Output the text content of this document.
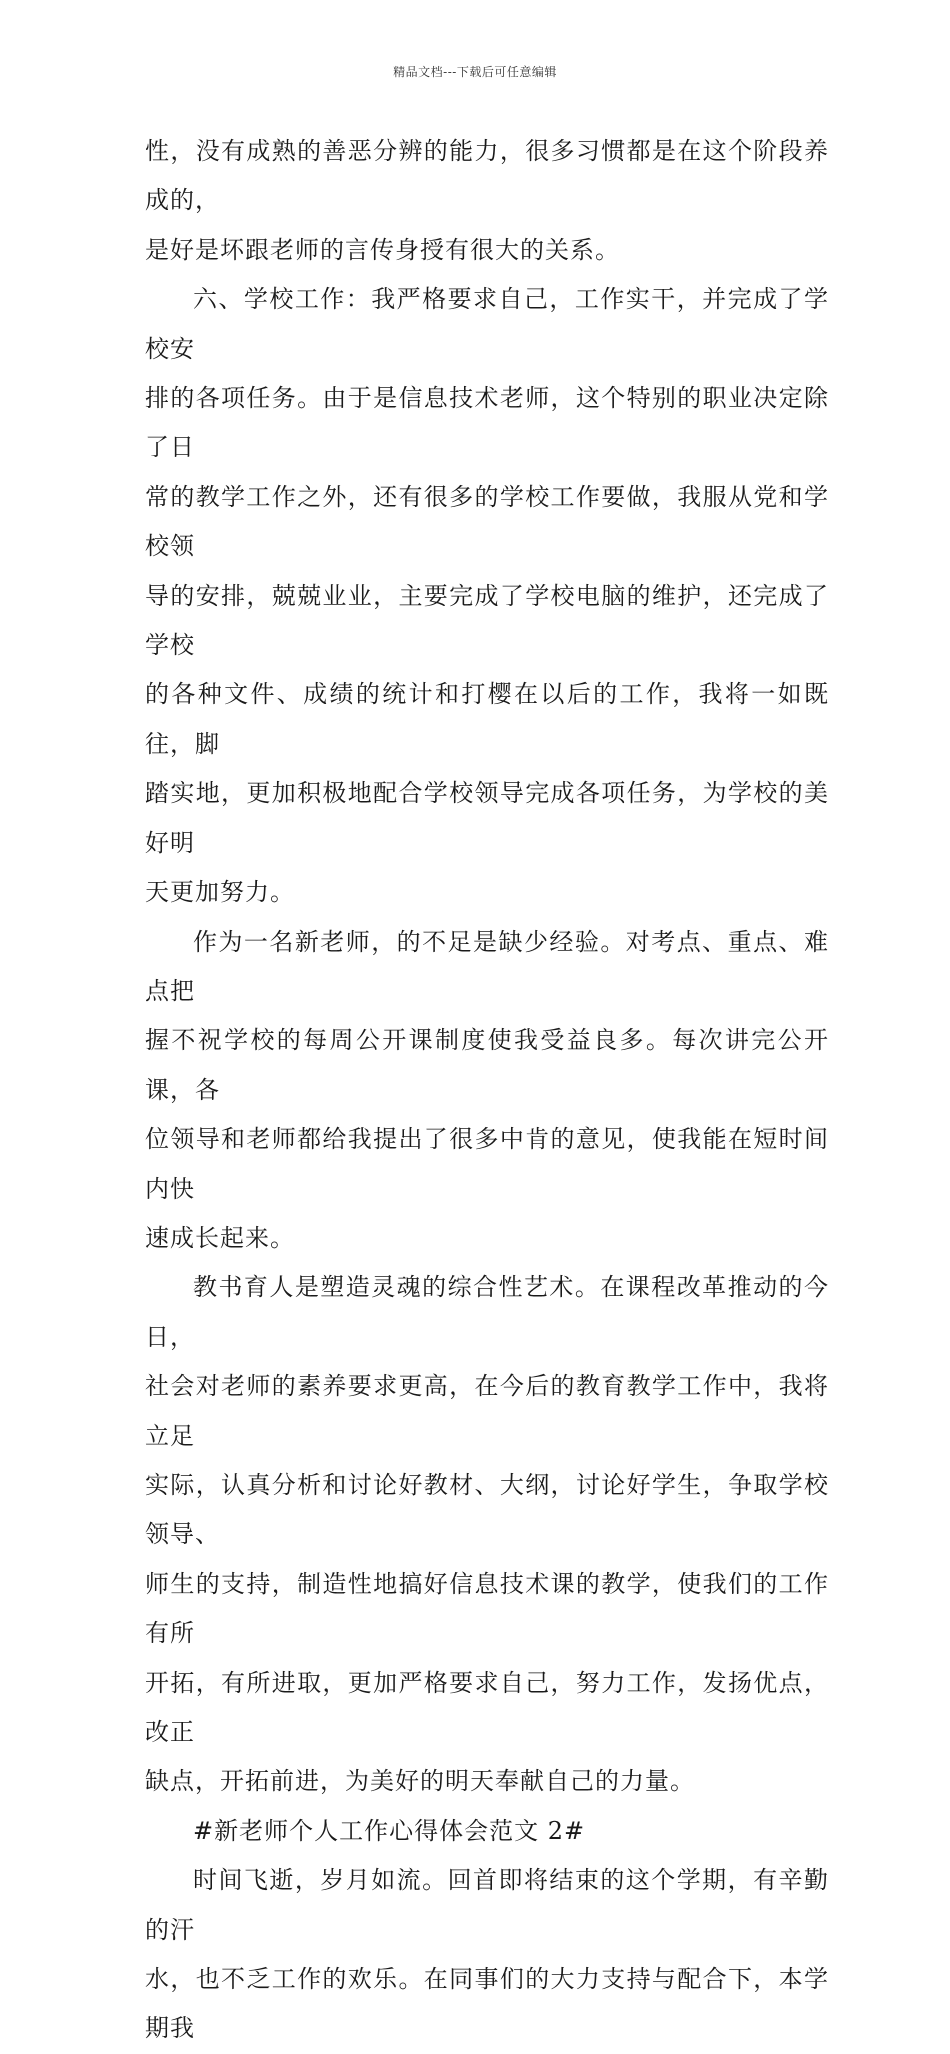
精品文档---下载后可任意编辑
性，没有成熟的善恶分辨的能力，很多习惯都是在这个阶段养成的，
是好是坏跟老师的言传身授有很大的关系。
六、学校工作：我严格要求自己，工作实干，并完成了学校安
排的各项任务。由于是信息技术老师，这个特别的职业决定除了日
常的教学工作之外，还有很多的学校工作要做，我服从党和学校领
导的安排，兢兢业业，主要完成了学校电脑的维护，还完成了学校
的各种文件、成绩的统计和打樱在以后的工作，我将一如既往，脚
踏实地，更加积极地配合学校领导完成各项任务，为学校的美好明
天更加努力。
作为一名新老师，的不足是缺少经验。对考点、重点、难点把
握不祝学校的每周公开课制度使我受益良多。每次讲完公开课，各
位领导和老师都给我提出了很多中肯的意见，使我能在短时间内快
速成长起来。
教书育人是塑造灵魂的综合性艺术。在课程改革推动的今日，
社会对老师的素养要求更高，在今后的教育教学工作中，我将立足
实际，认真分析和讨论好教材、大纲，讨论好学生，争取学校领导、
师生的支持，制造性地搞好信息技术课的教学，使我们的工作有所
开拓，有所进取，更加严格要求自己，努力工作，发扬优点，改正
缺点，开拓前进，为美好的明天奉献自己的力量。
#新老师个人工作心得体会范文 2#
时间飞逝，岁月如流。回首即将结束的这个学期，有辛勤的汗
水，也不乏工作的欢乐。在同事们的大力支持与配合下，本学期我
